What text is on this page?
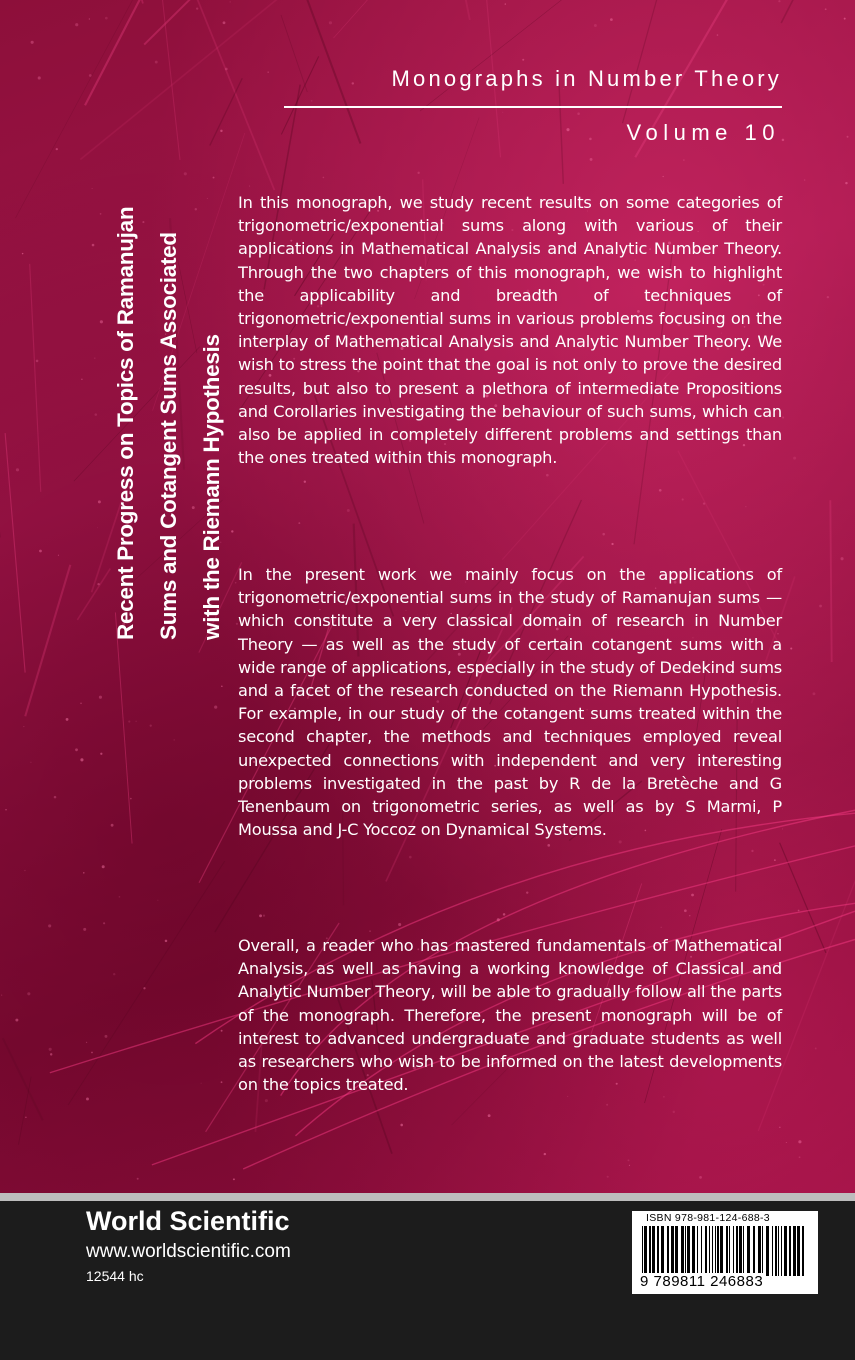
Monographs in Number Theory
Volume 10
Recent Progress on Topics of Ramanujan Sums and Cotangent Sums Associated with the Riemann Hypothesis
In this monograph, we study recent results on some categories of trigonometric/exponential sums along with various of their applications in Mathematical Analysis and Analytic Number Theory. Through the two chapters of this monograph, we wish to highlight the applicability and breadth of techniques of trigonometric/exponential sums in various problems focusing on the interplay of Mathematical Analysis and Analytic Number Theory. We wish to stress the point that the goal is not only to prove the desired results, but also to present a plethora of intermediate Propositions and Corollaries investigating the behaviour of such sums, which can also be applied in completely different problems and settings than the ones treated within this monograph.
In the present work we mainly focus on the applications of trigonometric/exponential sums in the study of Ramanujan sums — which constitute a very classical domain of research in Number Theory — as well as the study of certain cotangent sums with a wide range of applications, especially in the study of Dedekind sums and a facet of the research conducted on the Riemann Hypothesis. For example, in our study of the cotangent sums treated within the second chapter, the methods and techniques employed reveal unexpected connections with independent and very interesting problems investigated in the past by R de la Bretèche and G Tenenbaum on trigonometric series, as well as by S Marmi, P Moussa and J-C Yoccoz on Dynamical Systems.
Overall, a reader who has mastered fundamentals of Mathematical Analysis, as well as having a working knowledge of Classical and Analytic Number Theory, will be able to gradually follow all the parts of the monograph. Therefore, the present monograph will be of interest to advanced undergraduate and graduate students as well as researchers who wish to be informed on the latest developments on the topics treated.
World Scientific
www.worldscientific.com
12544 hc
ISBN 978-981-124-688-3
9 789811 246883
